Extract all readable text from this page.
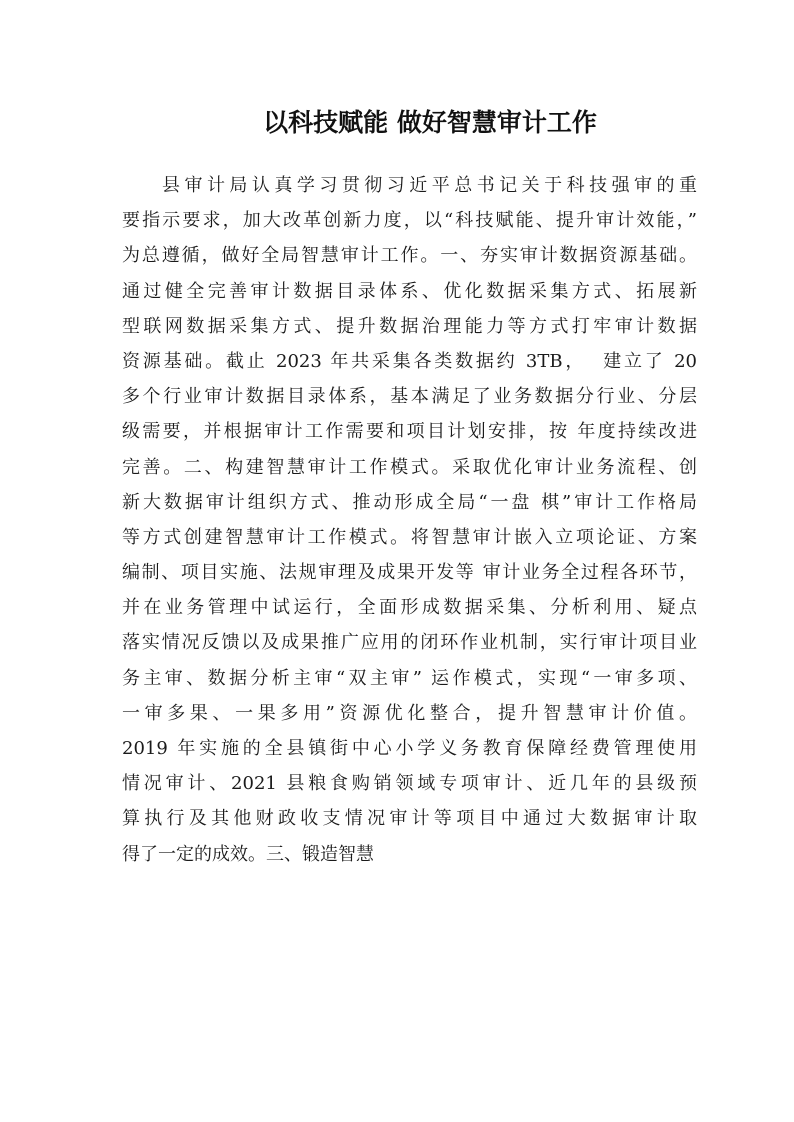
以科技赋能 做好智慧审计工作
县审计局认真学习贯彻习近平总书记关于科技强审的重
要指示要求，加大改革创新力度，以“科技赋能、提升审计效能，”
为总遵循，做好全局智慧审计工作。一、夯实审计数据资源基础。
通过健全完善审计数据目录体系、优化数据采集方式、拓展新
型联网数据采集方式、提升数据治理能力等方式打牢审计数据
资源基础。截止 2023 年共采集各类数据约 3TB，  建立了 20
多个行业审计数据目录体系，基本满足了业务数据分行业、分层
级需要，并根据审计工作需要和项目计划安排，按 年度持续改进
完善。二、构建智慧审计工作模式。采取优化审计业务流程、创
新大数据审计组织方式、推动形成全局“一盘 棋”审计工作格局
等方式创建智慧审计工作模式。将智慧审计嵌入立项论证、方案
编制、项目实施、法规审理及成果开发等 审计业务全过程各环节，
并在业务管理中试运行，全面形成数据采集、分析利用、疑点
落实情况反馈以及成果推广应用的闭环作业机制，实行审计项目业
务主审、数据分析主审“双主审” 运作模式，实现“一审多项、
一审多果、一果多用”资源优化整合，提升智慧审计价值。
2019 年实施的全县镇街中心小学义务教育保障经费管理使用
情况审计、2021 县粮食购销领域专项审计、近几年的县级预
算执行及其他财政收支情况审计等项目中通过大数据审计取
得了一定的成效。三、锻造智慧
